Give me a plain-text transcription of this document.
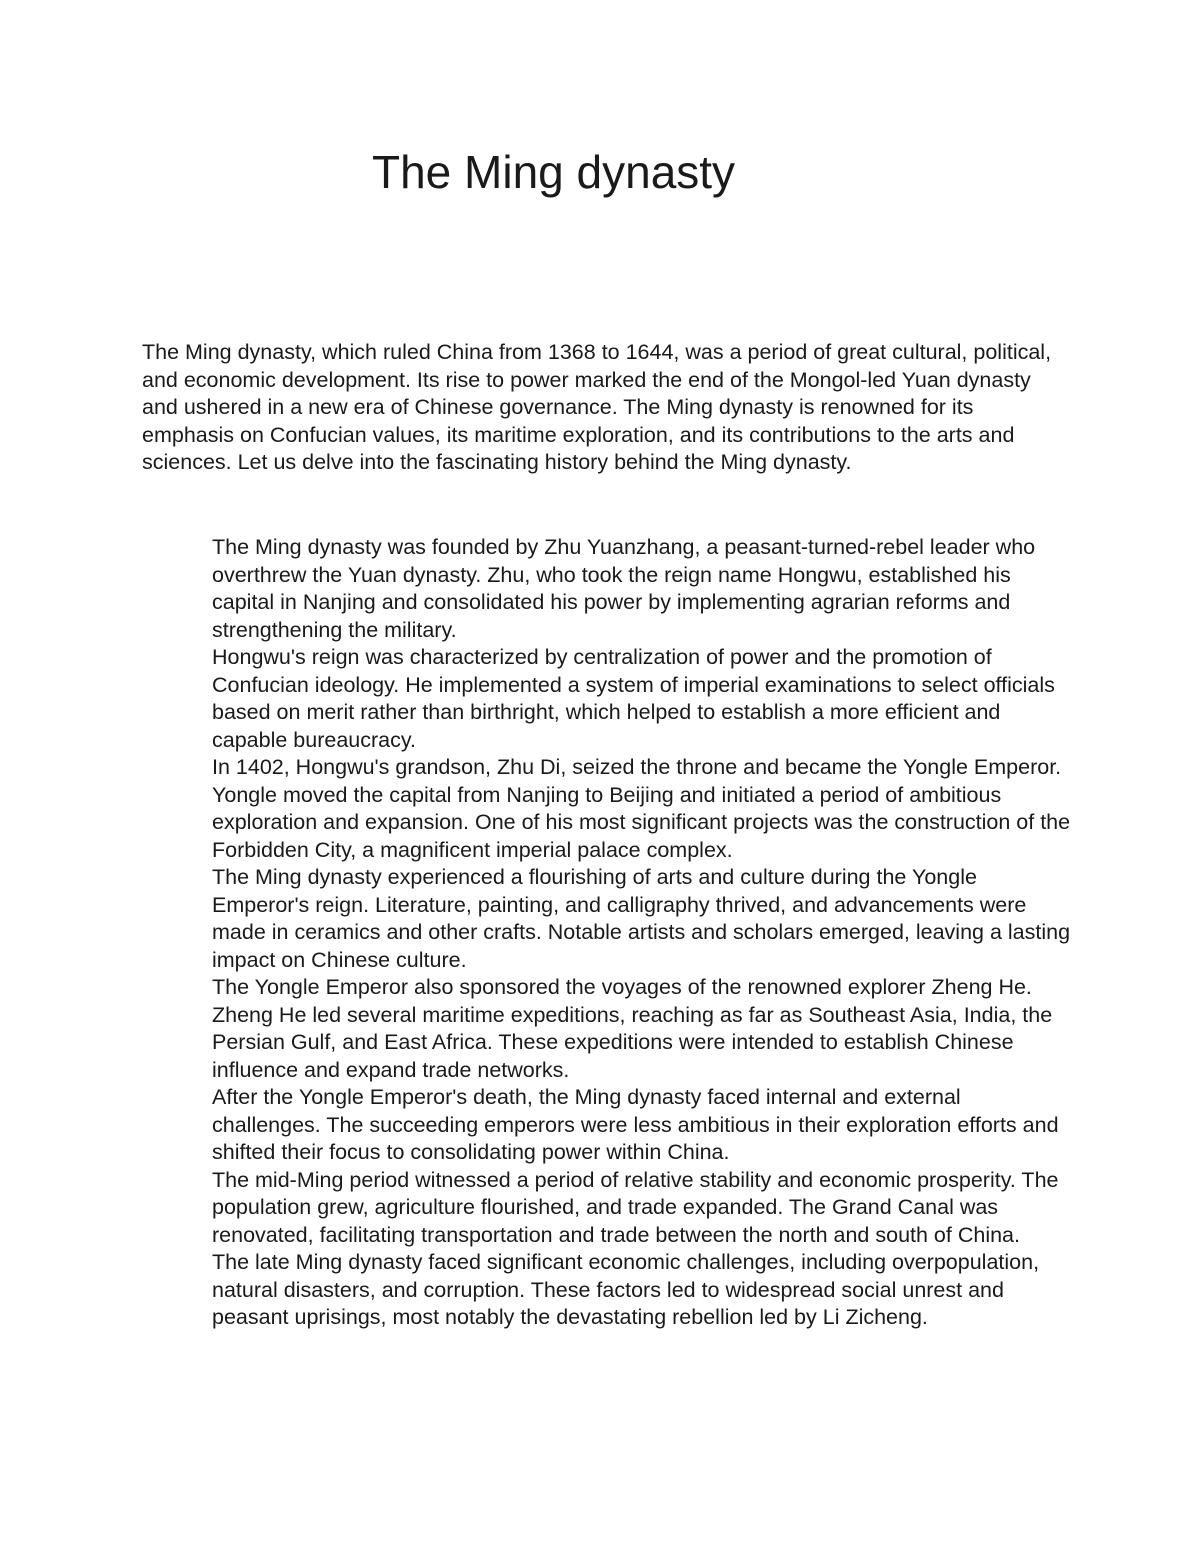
The Ming dynasty

The Ming dynasty, which ruled China from 1368 to 1644, was a period of great cultural, political, and economic development. Its rise to power marked the end of the Mongol-led Yuan dynasty and ushered in a new era of Chinese governance. The Ming dynasty is renowned for its emphasis on Confucian values, its maritime exploration, and its contributions to the arts and sciences. Let us delve into the fascinating history behind the Ming dynasty.

The Ming dynasty was founded by Zhu Yuanzhang, a peasant-turned-rebel leader who overthrew the Yuan dynasty. Zhu, who took the reign name Hongwu, established his capital in Nanjing and consolidated his power by implementing agrarian reforms and strengthening the military.
Hongwu's reign was characterized by centralization of power and the promotion of Confucian ideology. He implemented a system of imperial examinations to select officials based on merit rather than birthright, which helped to establish a more efficient and capable bureaucracy.
In 1402, Hongwu's grandson, Zhu Di, seized the throne and became the Yongle Emperor. Yongle moved the capital from Nanjing to Beijing and initiated a period of ambitious exploration and expansion. One of his most significant projects was the construction of the Forbidden City, a magnificent imperial palace complex.
The Ming dynasty experienced a flourishing of arts and culture during the Yongle Emperor's reign. Literature, painting, and calligraphy thrived, and advancements were made in ceramics and other crafts. Notable artists and scholars emerged, leaving a lasting impact on Chinese culture.
The Yongle Emperor also sponsored the voyages of the renowned explorer Zheng He. Zheng He led several maritime expeditions, reaching as far as Southeast Asia, India, the Persian Gulf, and East Africa. These expeditions were intended to establish Chinese influence and expand trade networks.
After the Yongle Emperor's death, the Ming dynasty faced internal and external challenges. The succeeding emperors were less ambitious in their exploration efforts and shifted their focus to consolidating power within China.
The mid-Ming period witnessed a period of relative stability and economic prosperity. The population grew, agriculture flourished, and trade expanded. The Grand Canal was renovated, facilitating transportation and trade between the north and south of China.
The late Ming dynasty faced significant economic challenges, including overpopulation, natural disasters, and corruption. These factors led to widespread social unrest and peasant uprisings, most notably the devastating rebellion led by Li Zicheng.
